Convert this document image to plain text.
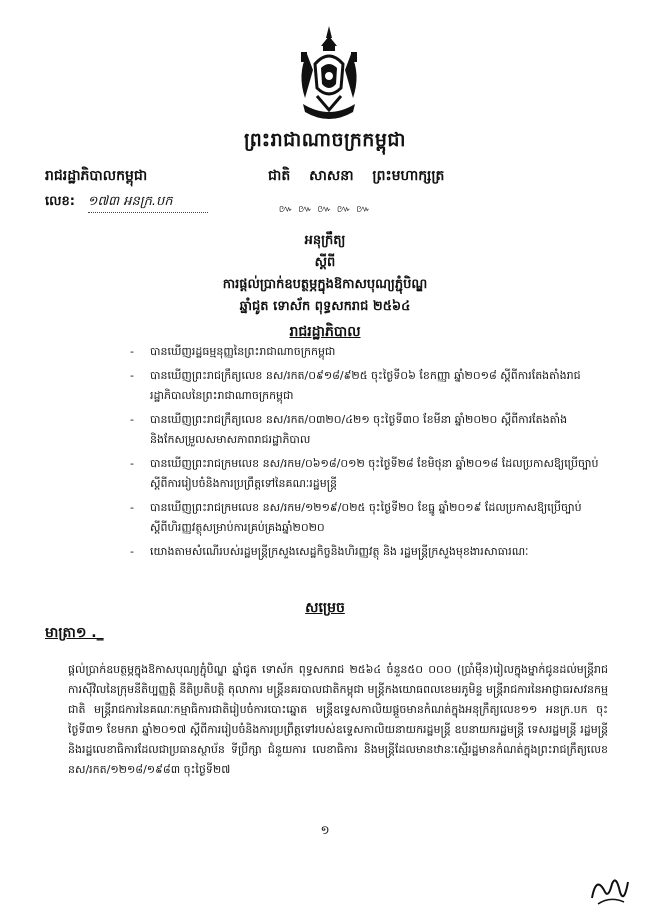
ព្រះរាជាណាចក្រកម្ពុជា
រាជរដ្ឋាភិបាលកម្ពុជា	ជាតិ សាសនា ព្រះមហាក្សត្រ
លេខ: ១៧៣ អនក្រ.បក
៚ ៚ ៚ ៚ ៚
អនុក្រឹត្យ
ស្តីពី
ការផ្តល់ប្រាក់ឧបត្ថម្ភក្នុងឱកាសបុណ្យភ្ជុំបិណ្ឌ
ឆ្នាំជូត ទោស័ក ពុទ្ធសករាជ ២៥៦៤
រាជរដ្ឋាភិបាល
- បានឃើញរដ្ឋធម្មនុញ្ញនៃព្រះរាជាណាចក្រកម្ពុជា
- បានឃើញព្រះរាជក្រឹត្យលេខ នស/រកត/០៩១៨/៩២៥ ចុះថ្ងៃទី០៦ ខែកញ្ញា ឆ្នាំ២០១៨ ស្តីពីការតែងតាំងរាជរដ្ឋាភិបាលនៃព្រះរាជាណាចក្រកម្ពុជា
- បានឃើញព្រះរាជក្រឹត្យលេខ នស/រកត/០៣២០/៤២១ ចុះថ្ងៃទី៣០ ខែមីនា ឆ្នាំ២០២០ ស្តីពីការតែងតាំងនិងកែសម្រួលសមាសភាពរាជរដ្ឋាភិបាល
- បានឃើញព្រះរាជក្រមលេខ នស/រកម/០៦១៨/០១២ ចុះថ្ងៃទី២៨ ខែមិថុនា ឆ្នាំ២០១៨ ដែលប្រកាសឱ្យប្រើច្បាប់ស្តីពីការរៀបចំនិងការប្រព្រឹត្តទៅនៃគណៈរដ្ឋមន្ត្រី
- បានឃើញព្រះរាជក្រមលេខ នស/រកម/១២១៩/០២៥ ចុះថ្ងៃទី២០ ខែធ្នូ ឆ្នាំ២០១៩ ដែលប្រកាសឱ្យប្រើច្បាប់ស្តីពីហិរញ្ញវត្ថុសម្រាប់ការគ្រប់គ្រងឆ្នាំ២០២០
- យោងតាមសំណើរបស់រដ្ឋមន្ត្រីក្រសួងសេដ្ឋកិច្ចនិងហិរញ្ញវត្ថុ និង រដ្ឋមន្ត្រីក្រសួងមុខងារសាធារណៈ
សម្រេច
មាត្រា១ ._
ផ្តល់ប្រាក់ឧបត្ថម្ភក្នុងឱកាសបុណ្យភ្ជុំបិណ្ឌ ឆ្នាំជូត ទោស័ក ពុទ្ធសករាជ ២៥៦៤ ចំនួន៥០ ០០០ (ប្រាំម៉ឺន)រៀលក្នុងម្នាក់ជូនដល់មន្ត្រីរាជការស៊ីវិលនៃក្រុមនីតិប្បញ្ញត្តិ នីតិប្រតិបត្តិ តុលាការ មន្ត្រីនគរបាលជាតិកម្ពុជា មន្ត្រីកងយោធពលខេមរភូមិន្ទ មន្ត្រីរាជការនៃអាជ្ញាធរសវនកម្មជាតិ មន្ត្រីរាជការនៃគណៈកម្មាធិការជាតិរៀបចំការបោះឆ្នោត មន្ត្រីឧទ្ទេសកាលិយផ្តួចមានកំណត់ក្នុងអនុក្រឹត្យលេខ១១ អនក្រ.បក ចុះថ្ងៃទី៣១ ខែមករា ឆ្នាំ២០១៧ ស្តីពីការរៀបចំនិងការប្រព្រឹត្តទៅរបស់ឧទ្ទេសកាលិយនាយករដ្ឋមន្ត្រី ឧបនាយករដ្ឋមន្ត្រី ទេសរដ្ឋមន្ត្រី រដ្ឋមន្ត្រី និងរដ្ឋលេខាធិការដែលជាប្រធានស្ថាប័ន ទីប្រឹក្សា ជំនួយការ លេខាធិការ និងមន្ត្រីដែលមានឋានៈស្មើរដ្ឋមានកំណត់ក្នុងព្រះរាជក្រឹត្យលេខ នស/រកត/១២១៨/១៩៨៣ ចុះថ្ងៃទី២៧
១
